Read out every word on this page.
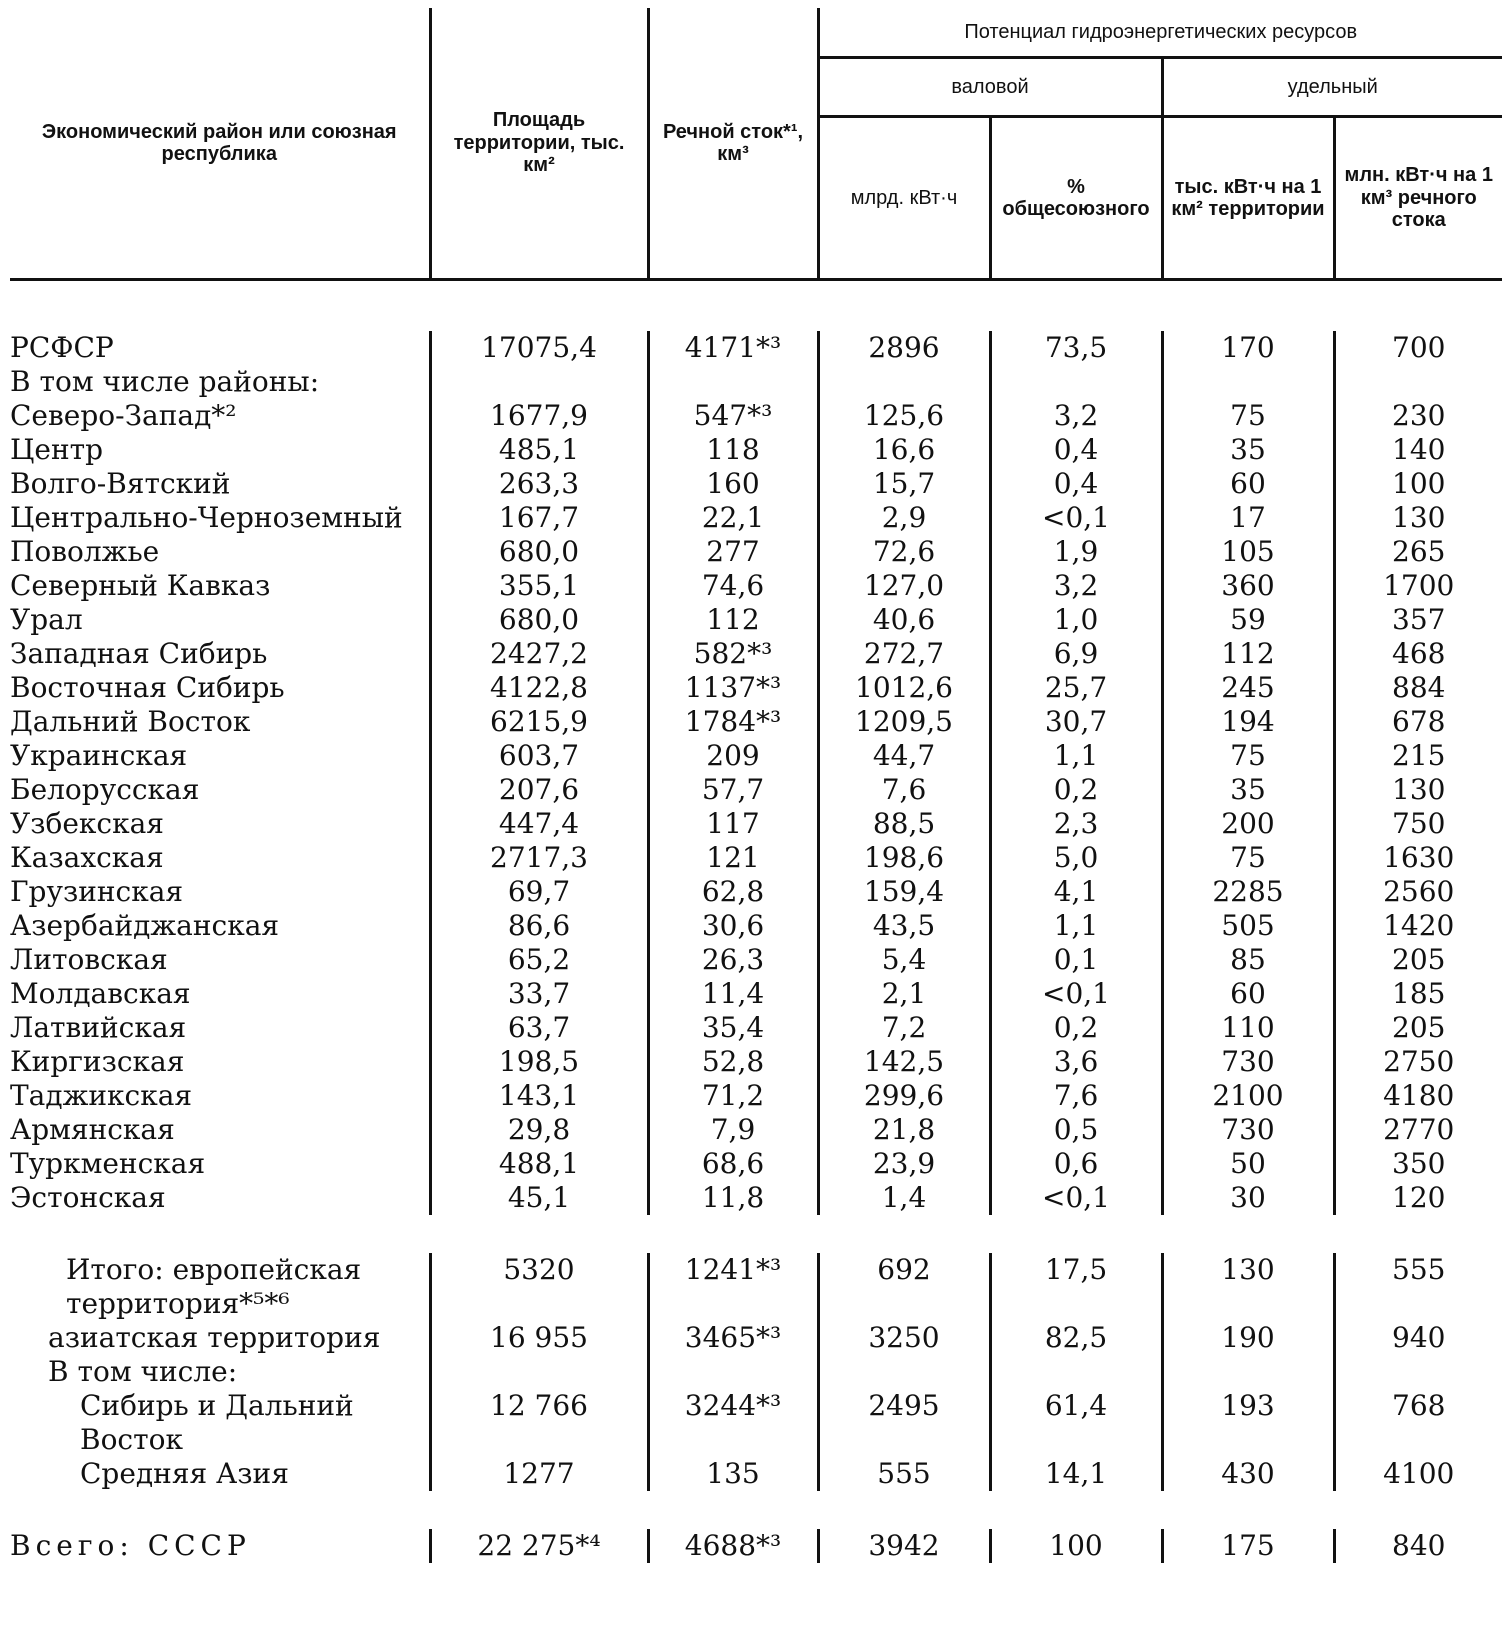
Экономический район или союзная республика	Площадь территории, тыс. км²	Речной сток*¹, км³	Потенциал гидроэнергетических ресурсов			
			валовой		удельный	
			млрд. кВт·ч	% общесоюзного	тыс. кВт·ч на 1 км² территории	млн. кВт·ч на 1 км³ речного стока

РСФСР	17075,4	4171*³	2896	73,5	170	700
В том числе районы:						
Северо-Запад*²	1677,9	547*³	125,6	3,2	75	230
Центр	485,1	118	16,6	0,4	35	140
Волго-Вятский	263,3	160	15,7	0,4	60	100
Центрально-Черноземный	167,7	22,1	2,9	<0,1	17	130
Поволжье	680,0	277	72,6	1,9	105	265
Северный Кавказ	355,1	74,6	127,0	3,2	360	1700
Урал	680,0	112	40,6	1,0	59	357
Западная Сибирь	2427,2	582*³	272,7	6,9	112	468
Восточная Сибирь	4122,8	1137*³	1012,6	25,7	245	884
Дальний Восток	6215,9	1784*³	1209,5	30,7	194	678
Украинская	603,7	209	44,7	1,1	75	215
Белорусская	207,6	57,7	7,6	0,2	35	130
Узбекская	447,4	117	88,5	2,3	200	750
Казахская	2717,3	121	198,6	5,0	75	1630
Грузинская	69,7	62,8	159,4	4,1	2285	2560
Азербайджанская	86,6	30,6	43,5	1,1	505	1420
Литовская	65,2	26,3	5,4	0,1	85	205
Молдавская	33,7	11,4	2,1	<0,1	60	185
Латвийская	63,7	35,4	7,2	0,2	110	205
Киргизская	198,5	52,8	142,5	3,6	730	2750
Таджикская	143,1	71,2	299,6	7,6	2100	4180
Армянская	29,8	7,9	21,8	0,5	730	2770
Туркменская	488,1	68,6	23,9	0,6	50	350
Эстонская	45,1	11,8	1,4	<0,1	30	120

Итого: европейская территория*⁵*⁶	5320	1241*³	692	17,5	130	555
азиатская территория	16 955	3465*³	3250	82,5	190	940
В том числе:						
Сибирь и Дальний Восток	12 766	3244*³	2495	61,4	193	768
Средняя Азия	1277	135	555	14,1	430	4100

Всего: СССР	22 275*⁴	4688*³	3942	100	175	840
